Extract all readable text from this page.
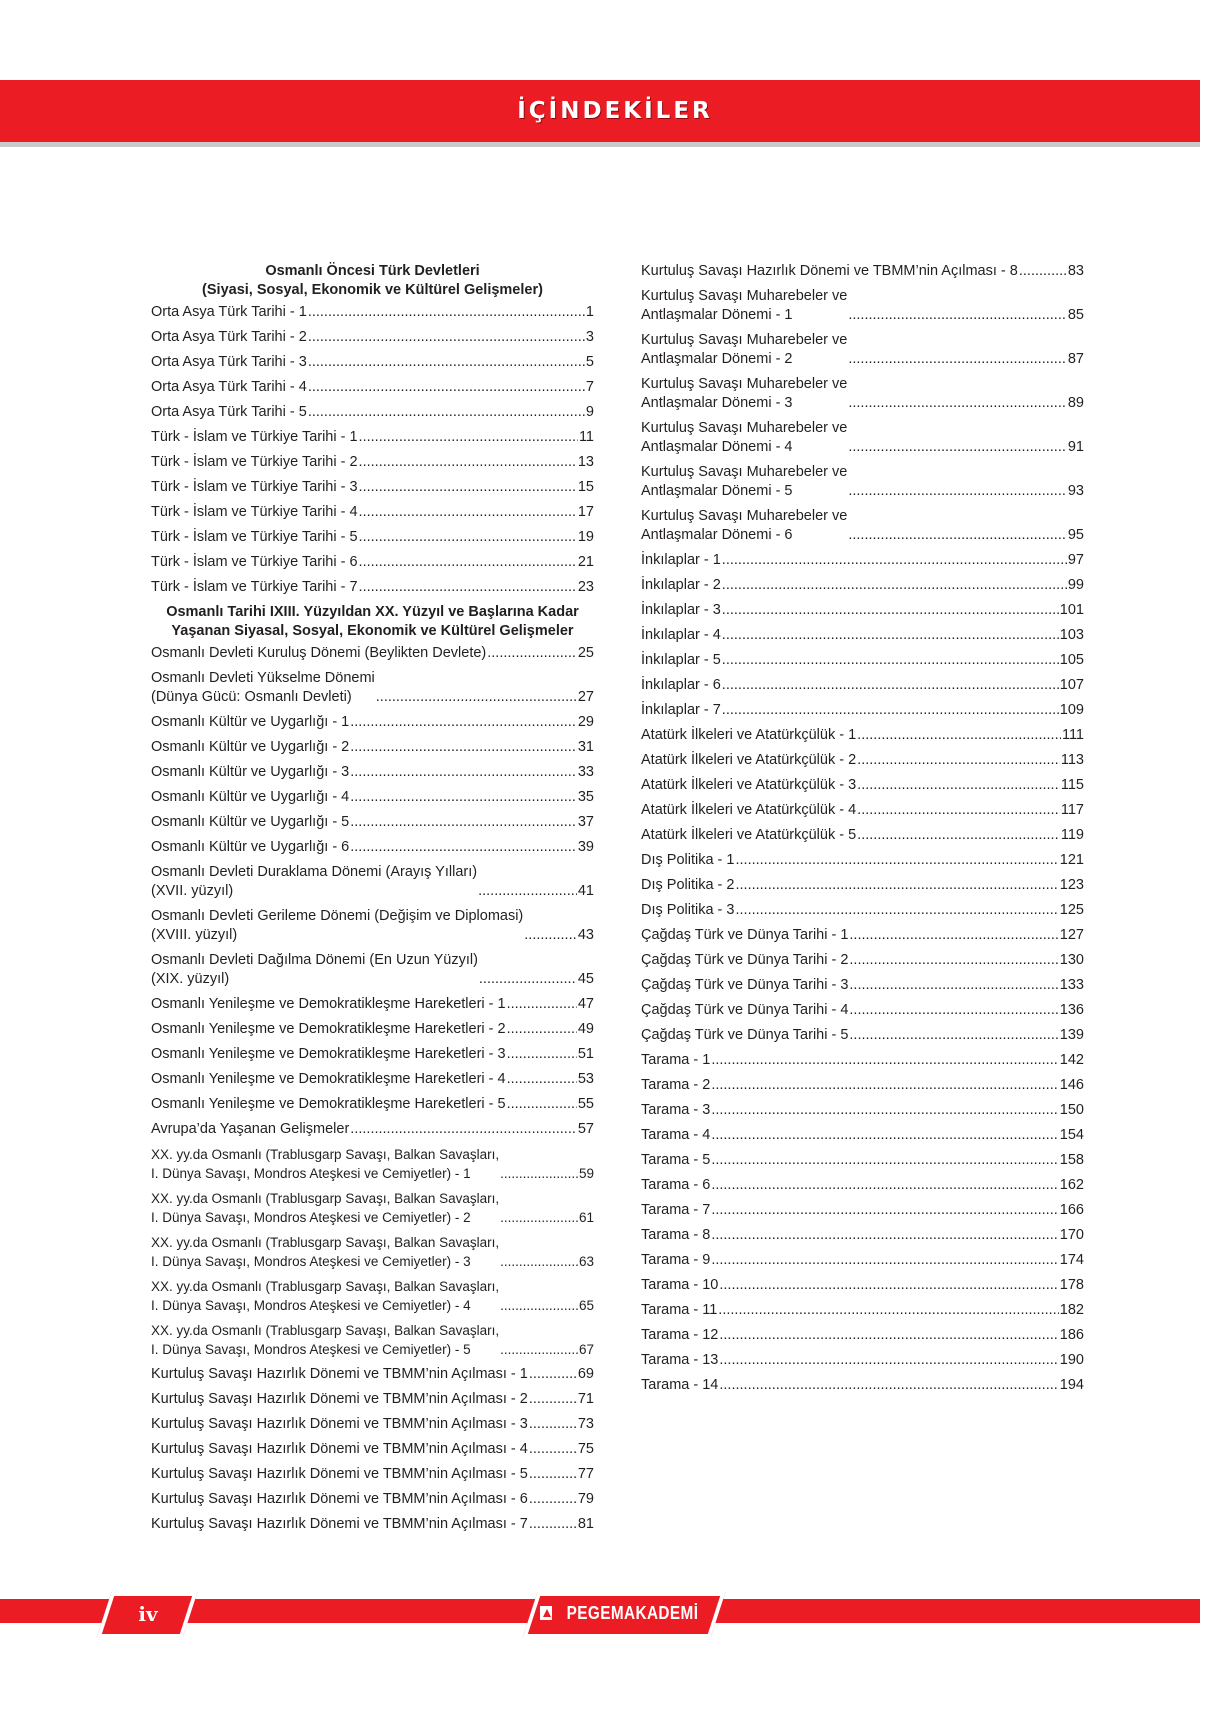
İÇİNDEKİLER
Osmanlı Öncesi Türk Devletleri
(Siyasi, Sosyal, Ekonomik ve Kültürel Gelişmeler)
Orta Asya Türk Tarihi - 1 .....	1
Orta Asya Türk Tarihi - 2 .....	3
Orta Asya Türk Tarihi - 3 .....	5
Orta Asya Türk Tarihi - 4 .....	7
Orta Asya Türk Tarihi - 5 .....	9
Türk - İslam ve Türkiye Tarihi - 1 .....	11
Türk - İslam ve Türkiye Tarihi - 2 .....	13
Türk - İslam ve Türkiye Tarihi - 3 .....	15
Türk - İslam ve Türkiye Tarihi - 4 .....	17
Türk - İslam ve Türkiye Tarihi - 5 .....	19
Türk - İslam ve Türkiye Tarihi - 6 .....	21
Türk - İslam ve Türkiye Tarihi - 7 .....	23
Osmanlı Tarihi IXIII. Yüzyıldan XX. Yüzyıl ve Başlarına Kadar
Yaşanan Siyasal, Sosyal, Ekonomik ve Kültürel Gelişmeler
Osmanlı Devleti Kuruluş Dönemi (Beylikten Devlete) .....	25
Osmanlı Devleti Yükselme Dönemi
(Dünya Gücü: Osmanlı Devleti) .....	27
Osmanlı Kültür ve Uygarlığı - 1 .....	29
Osmanlı Kültür ve Uygarlığı - 2 .....	31
Osmanlı Kültür ve Uygarlığı - 3 .....	33
Osmanlı Kültür ve Uygarlığı - 4 .....	35
Osmanlı Kültür ve Uygarlığı - 5 .....	37
Osmanlı Kültür ve Uygarlığı - 6 .....	39
Osmanlı Devleti Duraklama Dönemi (Arayış Yılları)
(XVII. yüzyıl) .....	41
Osmanlı Devleti Gerileme Dönemi (Değişim ve Diplomasi)
(XVIII. yüzyıl) .....	43
Osmanlı Devleti Dağılma Dönemi (En Uzun Yüzyıl)
(XIX. yüzyıl) .....	45
Osmanlı Yenileşme ve Demokratikleşme Hareketleri - 1 .....	47
Osmanlı Yenileşme ve Demokratikleşme Hareketleri - 2 .....	49
Osmanlı Yenileşme ve Demokratikleşme Hareketleri - 3 .....	51
Osmanlı Yenileşme ve Demokratikleşme Hareketleri - 4 .....	53
Osmanlı Yenileşme ve Demokratikleşme Hareketleri - 5 .....	55
Avrupa’da Yaşanan Gelişmeler .....	57
XX. yy.da Osmanlı (Trablusgarp Savaşı, Balkan Savaşları,
I. Dünya Savaşı, Mondros Ateşkesi ve Cemiyetler) - 1 .....	59
XX. yy.da Osmanlı (Trablusgarp Savaşı, Balkan Savaşları,
I. Dünya Savaşı, Mondros Ateşkesi ve Cemiyetler) - 2 .....	61
XX. yy.da Osmanlı (Trablusgarp Savaşı, Balkan Savaşları,
I. Dünya Savaşı, Mondros Ateşkesi ve Cemiyetler) - 3 .....	63
XX. yy.da Osmanlı (Trablusgarp Savaşı, Balkan Savaşları,
I. Dünya Savaşı, Mondros Ateşkesi ve Cemiyetler) - 4 .....	65
XX. yy.da Osmanlı (Trablusgarp Savaşı, Balkan Savaşları,
I. Dünya Savaşı, Mondros Ateşkesi ve Cemiyetler) - 5 .....	67
Kurtuluş Savaşı Hazırlık Dönemi ve TBMM’nin Açılması - 1 .....	69
Kurtuluş Savaşı Hazırlık Dönemi ve TBMM’nin Açılması - 2 .....	71
Kurtuluş Savaşı Hazırlık Dönemi ve TBMM’nin Açılması - 3 .....	73
Kurtuluş Savaşı Hazırlık Dönemi ve TBMM’nin Açılması - 4 .....	75
Kurtuluş Savaşı Hazırlık Dönemi ve TBMM’nin Açılması - 5 .....	77
Kurtuluş Savaşı Hazırlık Dönemi ve TBMM’nin Açılması - 6 .....	79
Kurtuluş Savaşı Hazırlık Dönemi ve TBMM’nin Açılması - 7 .....	81
Kurtuluş Savaşı Hazırlık Dönemi ve TBMM’nin Açılması - 8 .....	83
Kurtuluş Savaşı Muharebeler ve
Antlaşmalar Dönemi - 1 .....	85
Kurtuluş Savaşı Muharebeler ve
Antlaşmalar Dönemi - 2 .....	87
Kurtuluş Savaşı Muharebeler ve
Antlaşmalar Dönemi - 3 .....	89
Kurtuluş Savaşı Muharebeler ve
Antlaşmalar Dönemi - 4 .....	91
Kurtuluş Savaşı Muharebeler ve
Antlaşmalar Dönemi - 5 .....	93
Kurtuluş Savaşı Muharebeler ve
Antlaşmalar Dönemi - 6 .....	95
İnkılaplar - 1 .....	97
İnkılaplar - 2 .....	99
İnkılaplar - 3 .....	101
İnkılaplar - 4 .....	103
İnkılaplar - 5 .....	105
İnkılaplar - 6 .....	107
İnkılaplar - 7 .....	109
Atatürk İlkeleri ve Atatürkçülük - 1 .....	111
Atatürk İlkeleri ve Atatürkçülük - 2 .....	113
Atatürk İlkeleri ve Atatürkçülük - 3 .....	115
Atatürk İlkeleri ve Atatürkçülük - 4 .....	117
Atatürk İlkeleri ve Atatürkçülük - 5 .....	119
Dış Politika - 1 .....	121
Dış Politika - 2 .....	123
Dış Politika - 3 .....	125
Çağdaş Türk ve Dünya Tarihi - 1 .....	127
Çağdaş Türk ve Dünya Tarihi - 2 .....	130
Çağdaş Türk ve Dünya Tarihi - 3 .....	133
Çağdaş Türk ve Dünya Tarihi - 4 .....	136
Çağdaş Türk ve Dünya Tarihi - 5 .....	139
Tarama - 1 .....	142
Tarama - 2 .....	146
Tarama - 3 .....	150
Tarama - 4 .....	154
Tarama - 5 .....	158
Tarama - 6 .....	162
Tarama - 7 .....	166
Tarama - 8 .....	170
Tarama - 9 .....	174
Tarama - 10 .....	178
Tarama - 11 .....	182
Tarama - 12 .....	186
Tarama - 13 .....	190
Tarama - 14 .....	194
iv	PEGEMAKADEMİ
